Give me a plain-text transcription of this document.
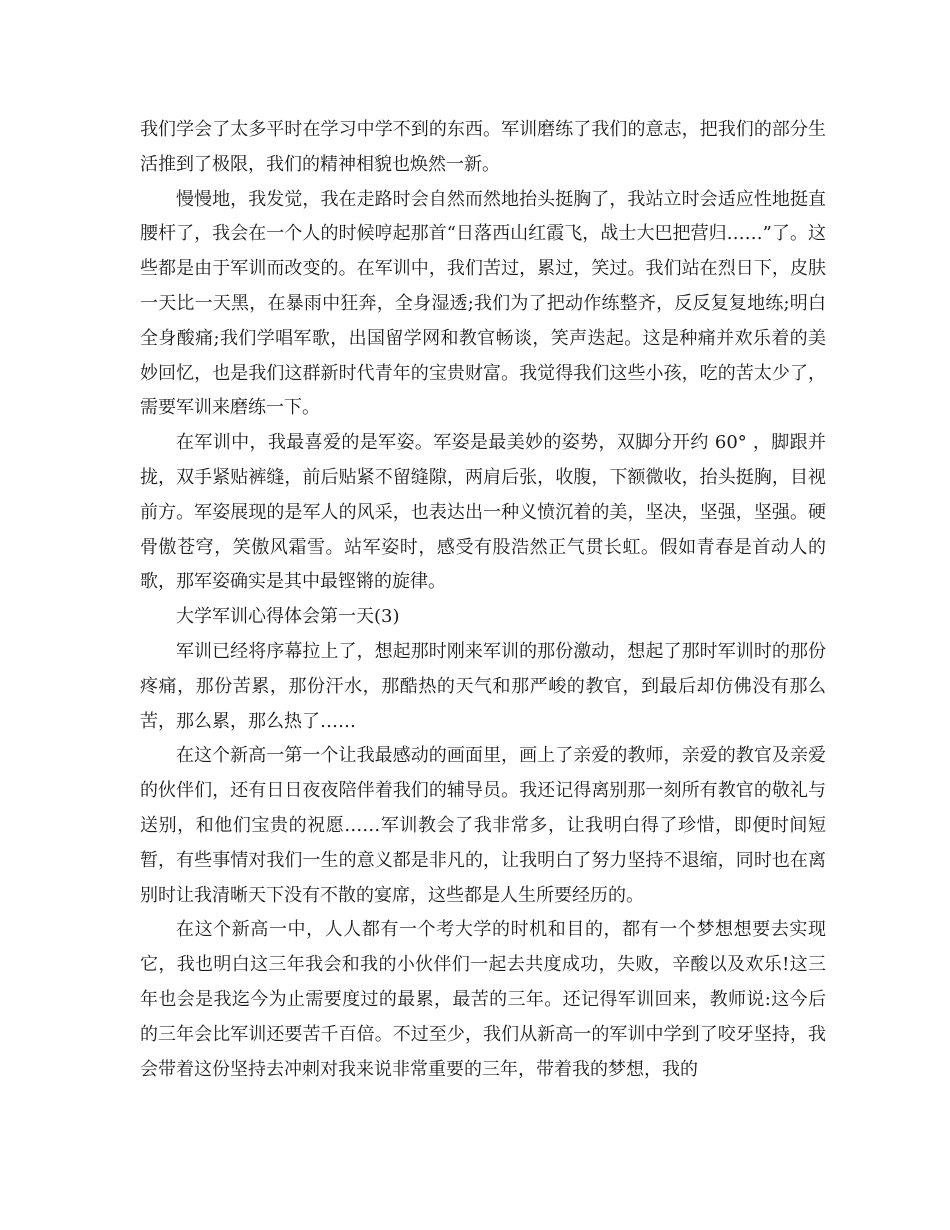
我们学会了太多平时在学习中学不到的东西。军训磨练了我们的意志，把我们的部分生活推到了极限，我们的精神相貌也焕然一新。

慢慢地，我发觉，我在走路时会自然而然地抬头挺胸了，我站立时会适应性地挺直腰杆了，我会在一个人的时候哼起那首“日落西山红霞飞，战士大巴把营归……”了。这些都是由于军训而改变的。在军训中，我们苦过，累过，笑过。我们站在烈日下，皮肤一天比一天黑，在暴雨中狂奔，全身湿透;我们为了把动作练整齐，反反复复地练;明白全身酸痛;我们学唱军歌，出国留学网和教官畅谈，笑声迭起。这是种痛并欢乐着的美妙回忆，也是我们这群新时代青年的宝贵财富。我觉得我们这些小孩，吃的苦太少了，需要军训来磨练一下。

在军训中，我最喜爱的是军姿。军姿是最美妙的姿势，双脚分开约 60° ，脚跟并拢，双手紧贴裤缝，前后贴紧不留缝隙，两肩后张，收腹，下额微收，抬头挺胸，目视前方。军姿展现的是军人的风采，也表达出一种义愤沉着的美，坚决，坚强，坚强。硬骨傲苍穹，笑傲风霜雪。站军姿时，感受有股浩然正气贯长虹。假如青春是首动人的歌，那军姿确实是其中最铿锵的旋律。

大学军训心得体会第一天(3)

军训已经将序幕拉上了，想起那时刚来军训的那份激动，想起了那时军训时的那份疼痛，那份苦累，那份汗水，那酷热的天气和那严峻的教官，到最后却仿佛没有那么苦，那么累，那么热了……

在这个新高一第一个让我最感动的画面里，画上了亲爱的教师，亲爱的教官及亲爱的伙伴们，还有日日夜夜陪伴着我们的辅导员。我还记得离别那一刻所有教官的敬礼与送别，和他们宝贵的祝愿……军训教会了我非常多，让我明白得了珍惜，即便时间短暂，有些事情对我们一生的意义都是非凡的，让我明白了努力坚持不退缩，同时也在离别时让我清晰天下没有不散的宴席，这些都是人生所要经历的。

在这个新高一中，人人都有一个考大学的时机和目的，都有一个梦想想要去实现它，我也明白这三年我会和我的小伙伴们一起去共度成功，失败，辛酸以及欢乐!这三年也会是我迄今为止需要度过的最累，最苦的三年。还记得军训回来，教师说:这今后的三年会比军训还要苦千百倍。不过至少，我们从新高一的军训中学到了咬牙坚持，我会带着这份坚持去冲刺对我来说非常重要的三年，带着我的梦想，我的
